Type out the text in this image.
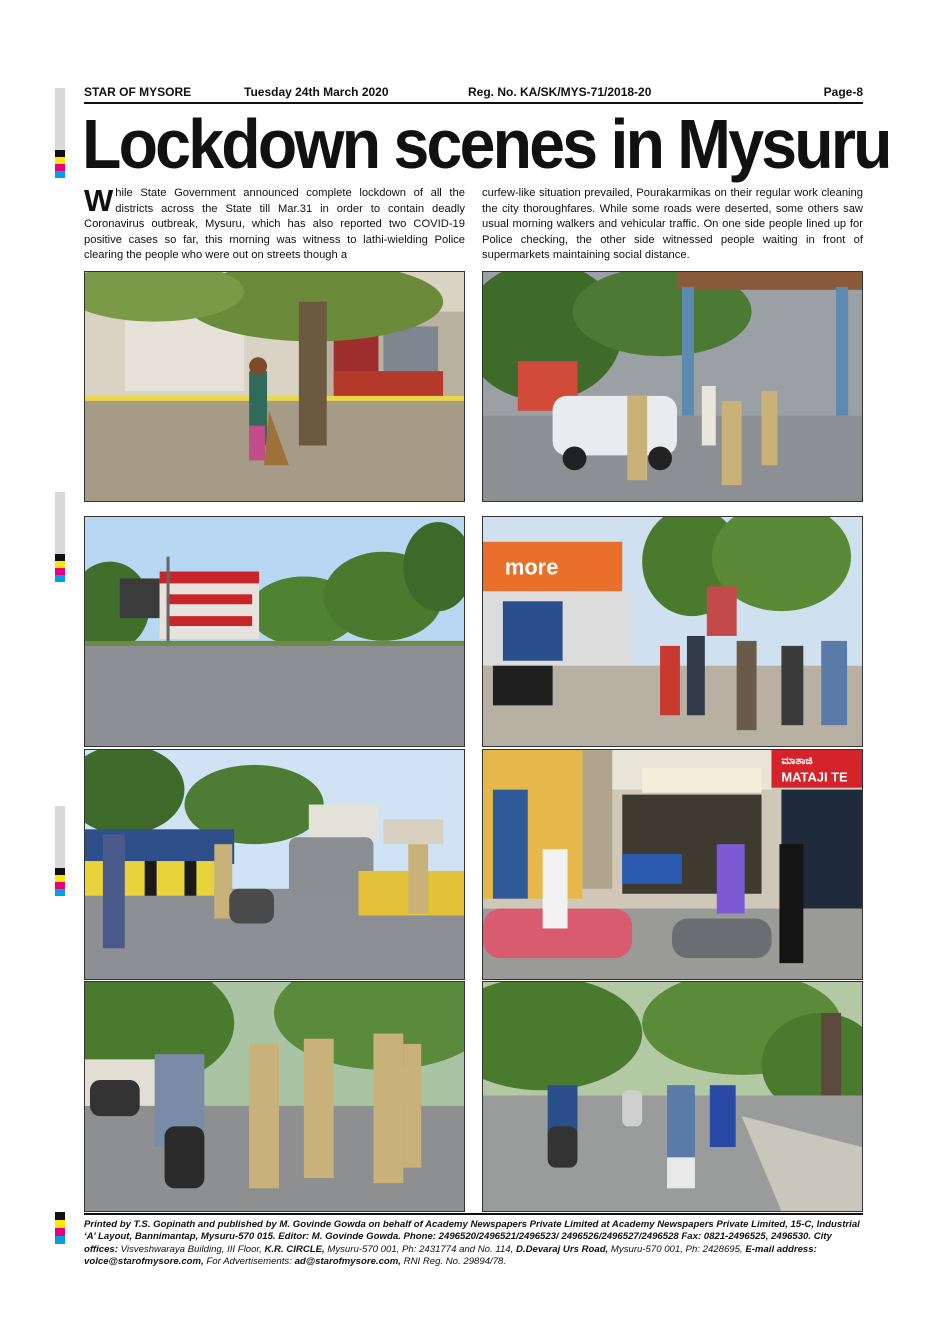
STAR OF MYSORE	Tuesday 24th March 2020	Reg. No. KA/SK/MYS-71/2018-20	Page-8
Lockdown scenes in Mysuru
While State Government announced complete lockdown of all the districts across the State till Mar.31 in order to contain deadly Coronavirus outbreak, Mysuru, which has also reported two COVID-19 positive cases so far, this morning was witness to lathi-wielding Police clearing the people who were out on streets though a
curfew-like situation prevailed, Pourakarmikas on their regular work cleaning the city thoroughfares. While some roads were deserted, some others saw usual morning walkers and vehicular traffic. On one side people lined up for Police checking, the other side witnessed people waiting in front of supermarkets maintaining social distance.
more
ಮಾತಾಜಿ
MATAJI TE
Printed by T.S. Gopinath and published by M. Govinde Gowda on behalf of Academy Newspapers Private Limited at Academy Newspapers Private Limited, 15-C, Industrial ‘A’ Layout, Bannimantap, Mysuru-570 015. Editor: M. Govinde Gowda. Phone: 2496520/2496521/2496523/ 2496526/2496527/2496528 Fax: 0821-2496525, 2496530. City offices: Visveshwaraya Building, III Floor, K.R. CIRCLE, Mysuru-570 001, Ph: 2431774 and No. 114, D.Devaraj Urs Road, Mysuru-570 001, Ph: 2428695, E-mail address: volce@starofmysore.com, For Advertisements: ad@starofmysore.com, RNI Reg. No. 29894/78.
